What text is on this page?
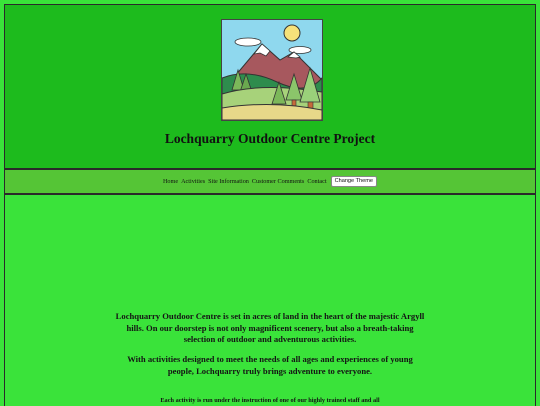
Lochquarry Outdoor Centre Project
Home Activities Site Information Customer Comments Contact	Change Theme

Lochquarry Outdoor Centre is set in acres of land in the heart of the majestic Argyll hills. On our doorstep is not only magnificent scenery, but also a breath-taking selection of outdoor and adventurous activities.

With activities designed to meet the needs of all ages and experiences of young people, Lochquarry truly brings adventure to everyone.

Each activity is run under the instruction of one of our highly trained staff and all
